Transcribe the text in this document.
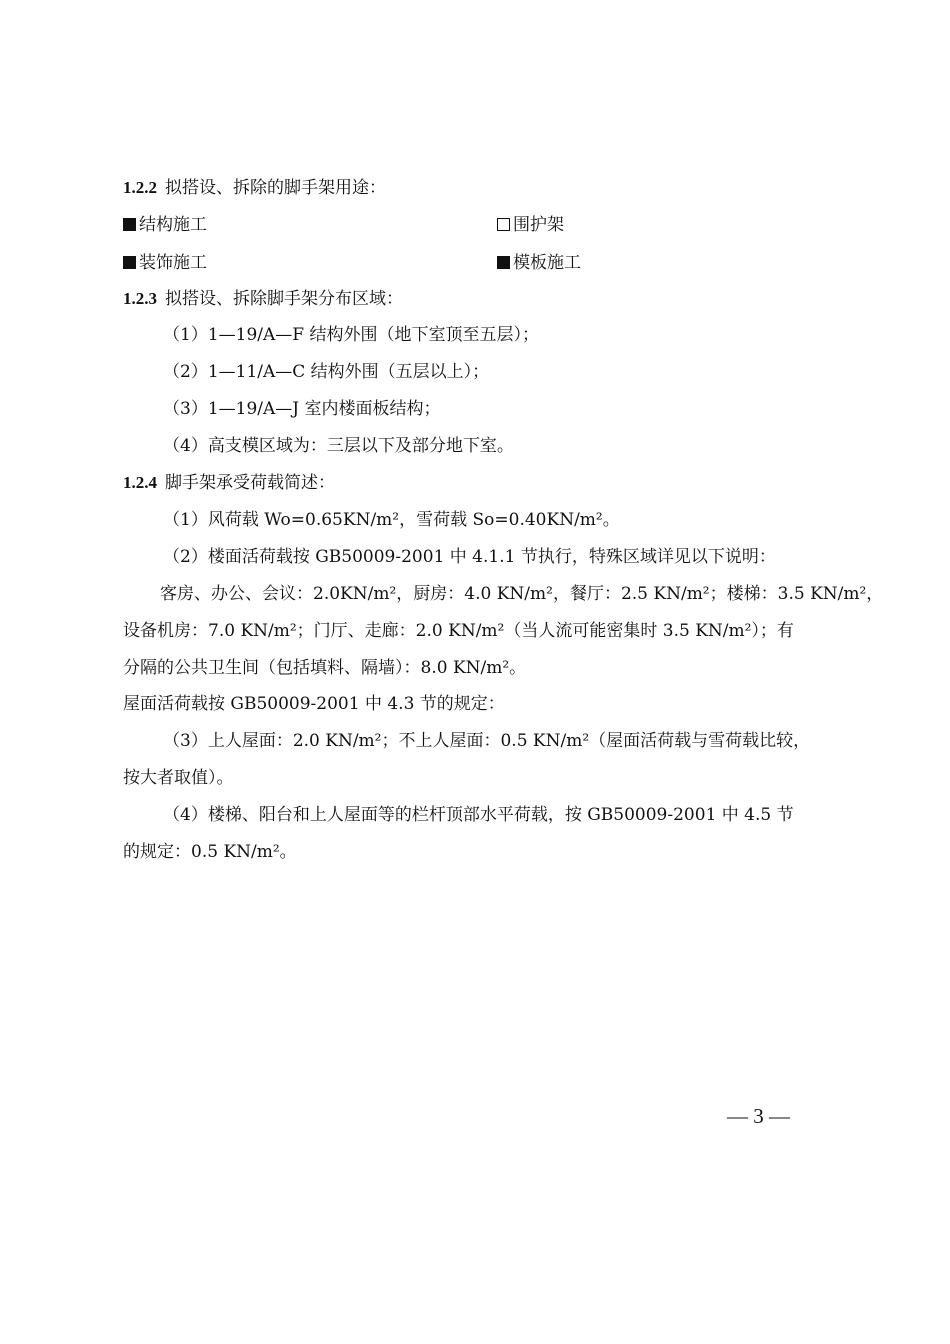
1.2.2 拟搭设、拆除的脚手架用途：
结构施工	围护架
装饰施工	模板施工
1.2.3 拟搭设、拆除脚手架分布区域：
（1）1—19/A—F 结构外围（地下室顶至五层）；
（2）1—11/A—C 结构外围（五层以上）；
（3）1—19/A—J 室内楼面板结构；
（4）高支模区域为：三层以下及部分地下室。
1.2.4 脚手架承受荷载简述：
（1）风荷载 Wo=0.65KN/m²，雪荷载 So=0.40KN/m²。
（2）楼面活荷载按 GB50009-2001 中 4.1.1 节执行，特殊区域详见以下说明：
客房、办公、会议：2.0KN/m²，厨房：4.0 KN/m²，餐厅：2.5 KN/m²；楼梯：3.5 KN/m²，
设备机房：7.0 KN/m²；门厅、走廊：2.0 KN/m²（当人流可能密集时 3.5 KN/m²）；有
分隔的公共卫生间（包括填料、隔墙）：8.0 KN/m²。
屋面活荷载按 GB50009-2001 中 4.3 节的规定：
（3）上人屋面：2.0 KN/m²；不上人屋面：0.5 KN/m²（屋面活荷载与雪荷载比较，
按大者取值）。
（4）楼梯、阳台和上人屋面等的栏杆顶部水平荷载，按 GB50009-2001 中 4.5 节
的规定：0.5 KN/m²。
— 3 —
